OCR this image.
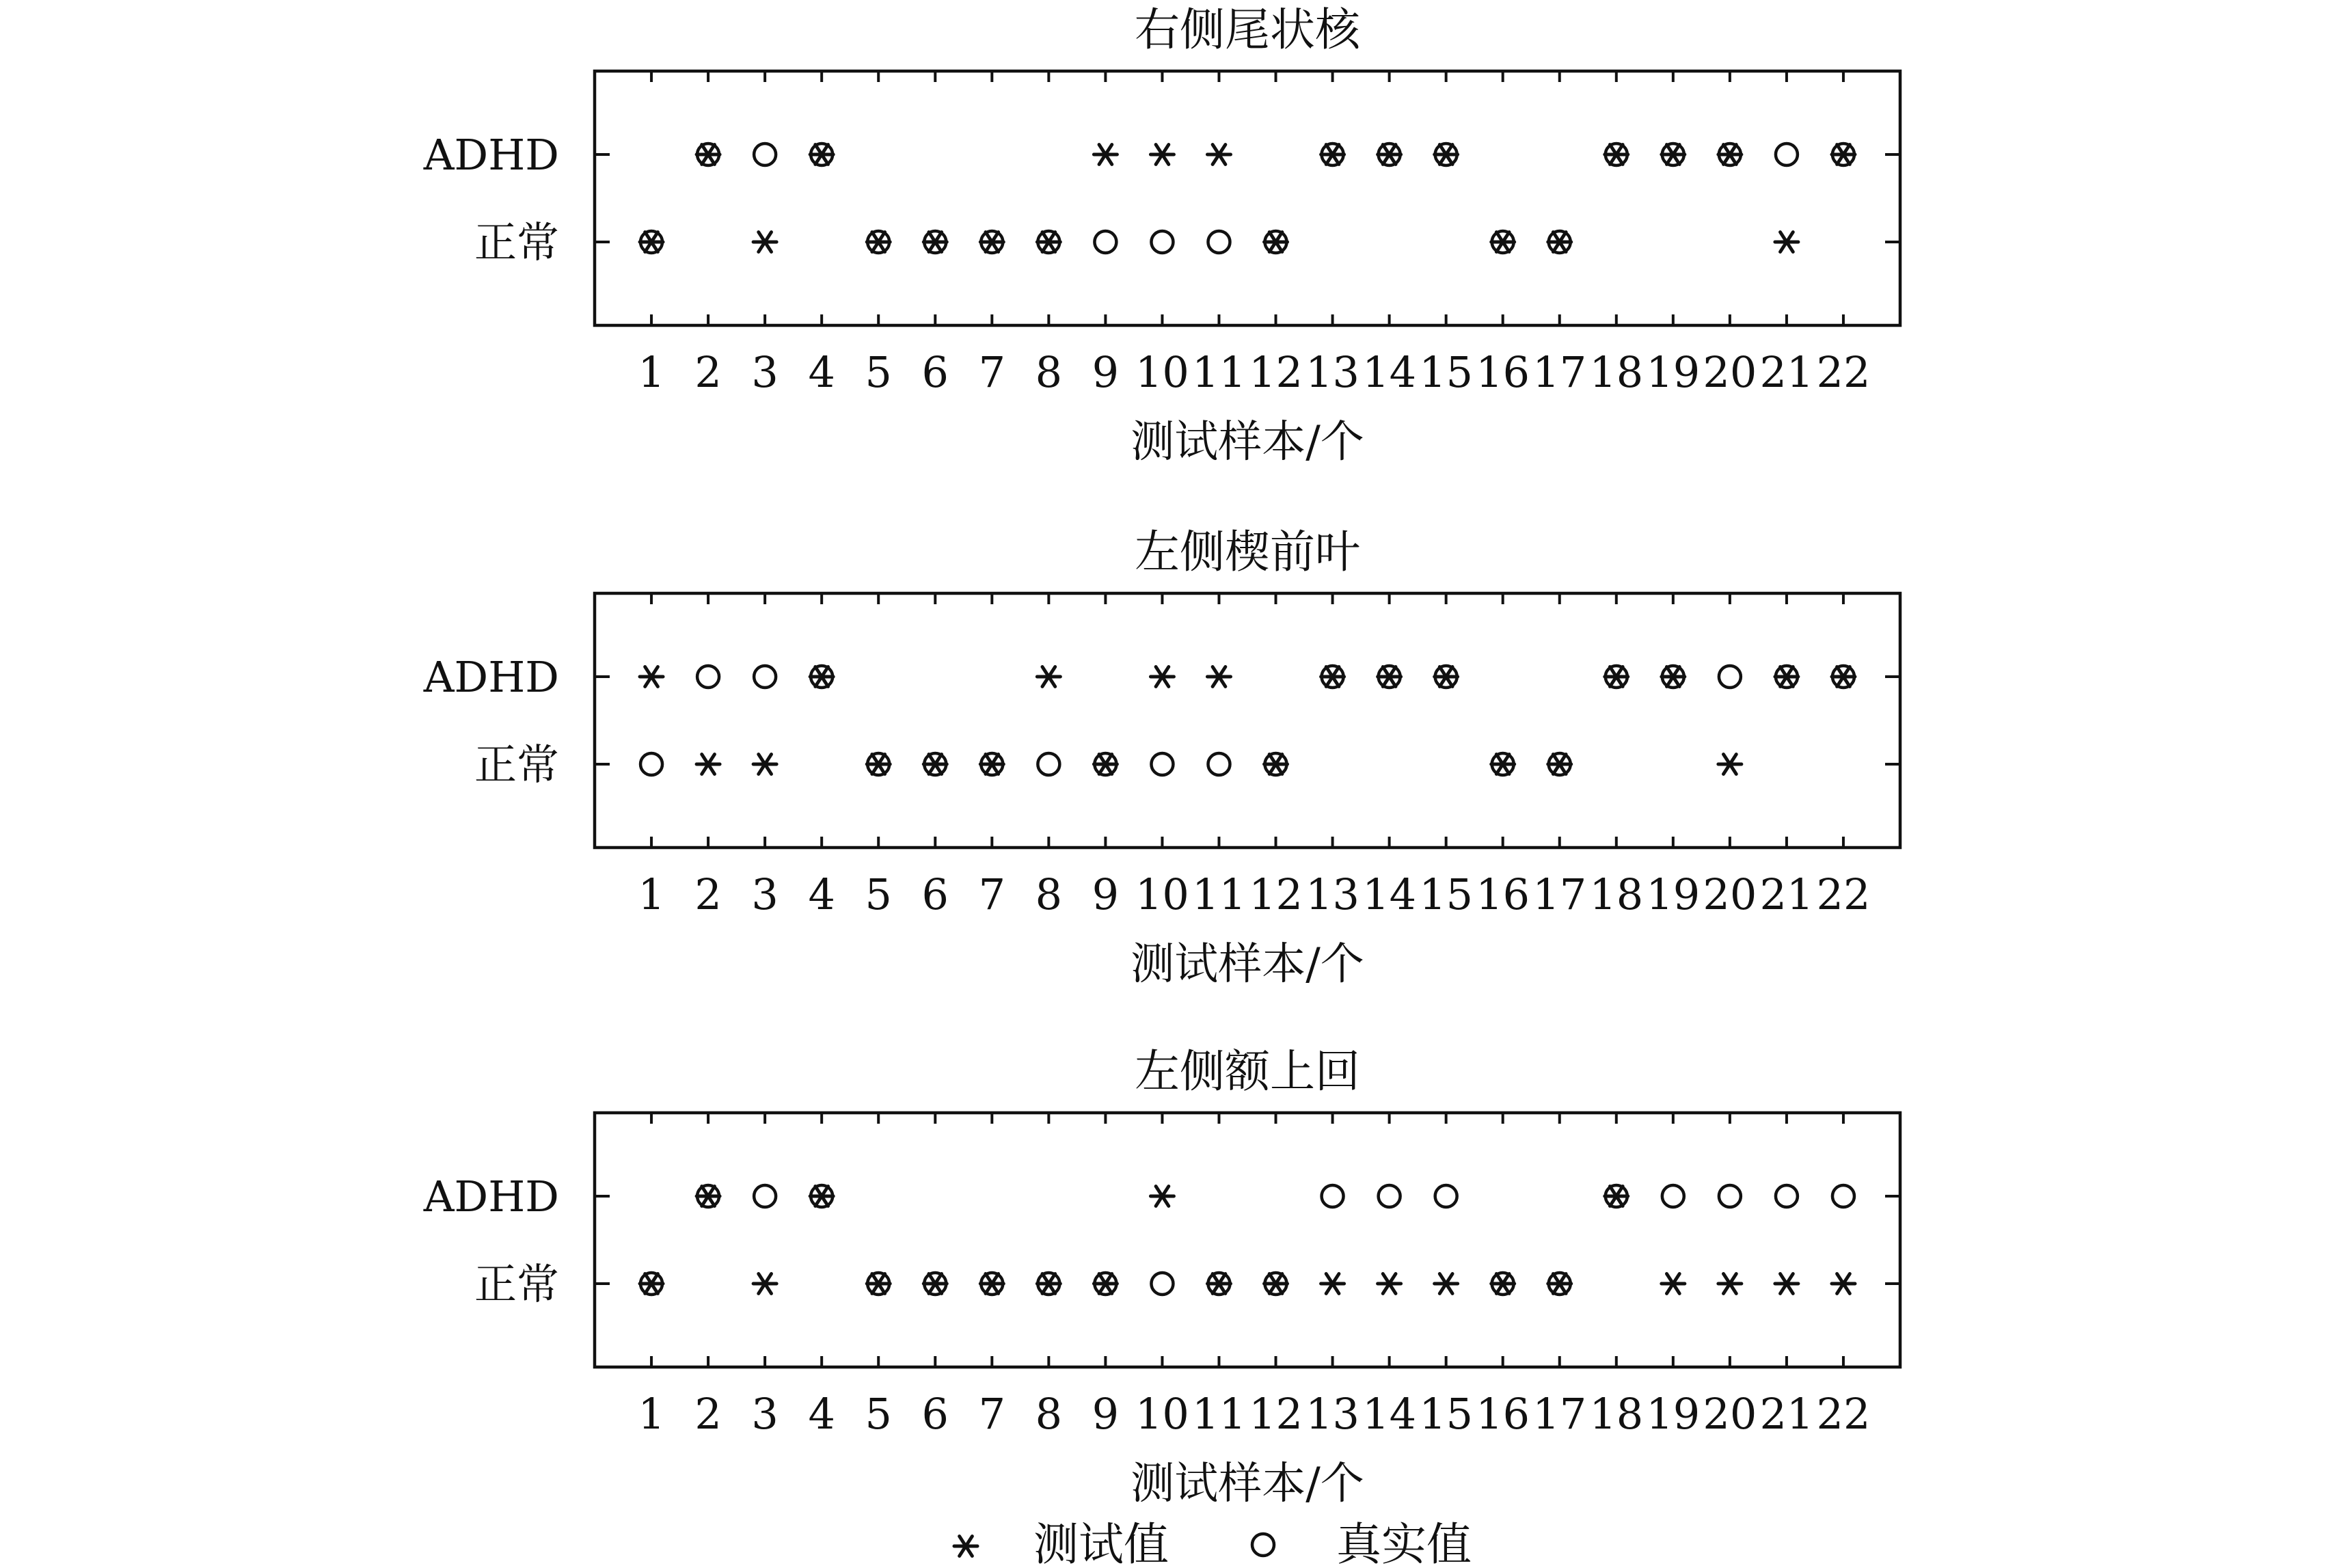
右侧尾状核
1 2 3 4 5 6 7 8 9 10 11 12 13 14 15 16 17 18 19 20 21 22
ADHD
正常
测试样本/个
左侧楔前叶
1 2 3 4 5 6 7 8 9 10 11 12 13 14 15 16 17 18 19 20 21 22
ADHD
正常
测试样本/个
左侧额上回
1 2 3 4 5 6 7 8 9 10 11 12 13 14 15 16 17 18 19 20 21 22
ADHD
正常
测试样本/个
测试值	真实值
